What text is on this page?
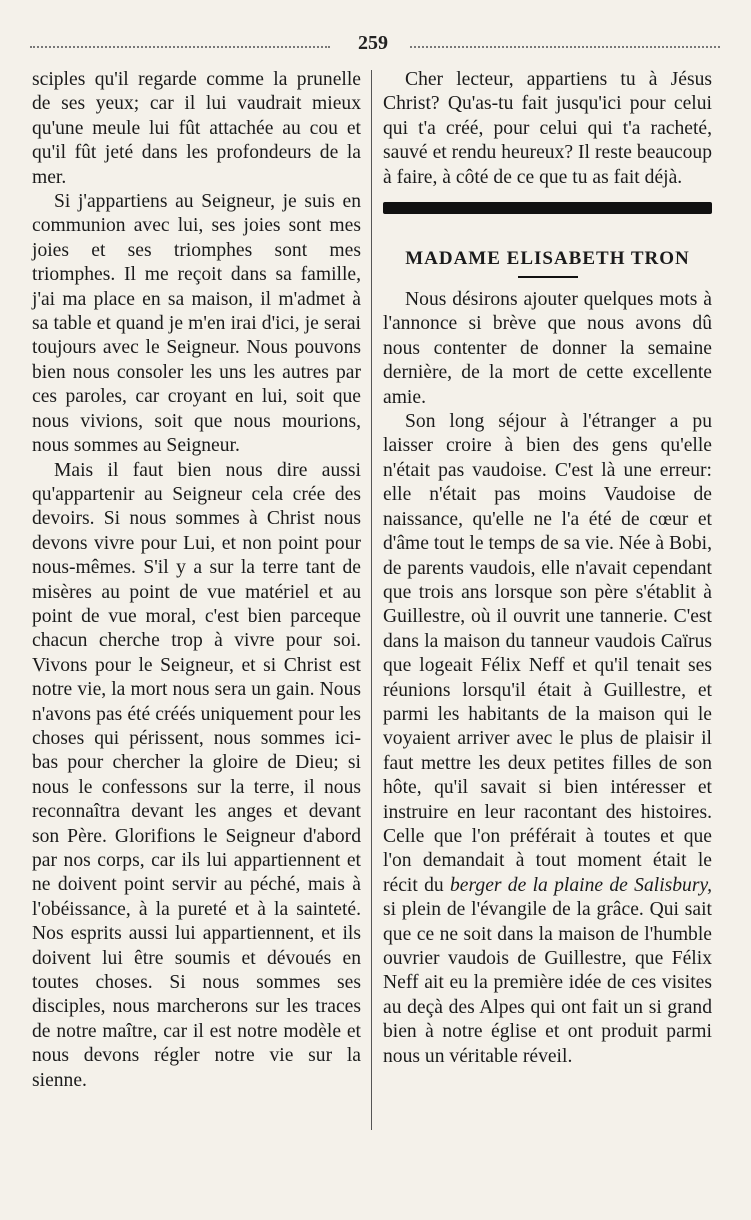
259

sciples qu'il regarde comme la prunelle de ses yeux; car il lui vaudrait mieux qu'une meule lui fût attachée au cou et qu'il fût jeté dans les profondeurs de la mer.

Si j'appartiens au Seigneur, je suis en communion avec lui, ses joies sont mes joies et ses triomphes sont mes triomphes. Il me reçoit dans sa famille, j'ai ma place en sa maison, il m'admet à sa table et quand je m'en irai d'ici, je serai toujours avec le Seigneur. Nous pouvons bien nous consoler les uns les autres par ces paroles, car croyant en lui, soit que nous vivions, soit que nous mourions, nous sommes au Seigneur.

Mais il faut bien nous dire aussi qu'appartenir au Seigneur cela crée des devoirs. Si nous sommes à Christ nous devons vivre pour Lui, et non point pour nous-mêmes. S'il y a sur la terre tant de misères au point de vue matériel et au point de vue moral, c'est bien parceque chacun cherche trop à vivre pour soi. Vivons pour le Seigneur, et si Christ est notre vie, la mort nous sera un gain. Nous n'avons pas été créés uniquement pour les choses qui périssent, nous sommes ici-bas pour chercher la gloire de Dieu; si nous le confessons sur la terre, il nous reconnaîtra devant les anges et devant son Père. Glorifions le Seigneur d'abord par nos corps, car ils lui appartiennent et ne doivent point servir au péché, mais à l'obéissance, à la pureté et à la sainteté. Nos esprits aussi lui appartiennent, et ils doivent lui être soumis et dévoués en toutes choses. Si nous sommes ses disciples, nous marcherons sur les traces de notre maître, car il est notre modèle et nous devons régler notre vie sur la sienne.

Cher lecteur, appartiens tu à Jésus Christ? Qu'as-tu fait jusqu'ici pour celui qui t'a créé, pour celui qui t'a racheté, sauvé et rendu heureux? Il reste beaucoup à faire, à côté de ce que tu as fait déjà.

MADAME ELISABETH TRON

Nous désirons ajouter quelques mots à l'annonce si brève que nous avons dû nous contenter de donner la semaine dernière, de la mort de cette excellente amie.

Son long séjour à l'étranger a pu laisser croire à bien des gens qu'elle n'était pas vaudoise. C'est là une erreur: elle n'était pas moins Vaudoise de naissance, qu'elle ne l'a été de cœur et d'âme tout le temps de sa vie. Née à Bobi, de parents vaudois, elle n'avait cependant que trois ans lorsque son père s'établit à Guillestre, où il ouvrit une tannerie. C'est dans la maison du tanneur vaudois Caïrus que logeait Félix Neff et qu'il tenait ses réunions lorsqu'il était à Guillestre, et parmi les habitants de la maison qui le voyaient arriver avec le plus de plaisir il faut mettre les deux petites filles de son hôte, qu'il savait si bien intéresser et instruire en leur racontant des histoires. Celle que l'on préférait à toutes et que l'on demandait à tout moment était le récit du berger de la plaine de Salisbury, si plein de l'évangile de la grâce. Qui sait que ce ne soit dans la maison de l'humble ouvrier vaudois de Guillestre, que Félix Neff ait eu la première idée de ces visites au deçà des Alpes qui ont fait un si grand bien à notre église et ont produit parmi nous un véritable réveil.
